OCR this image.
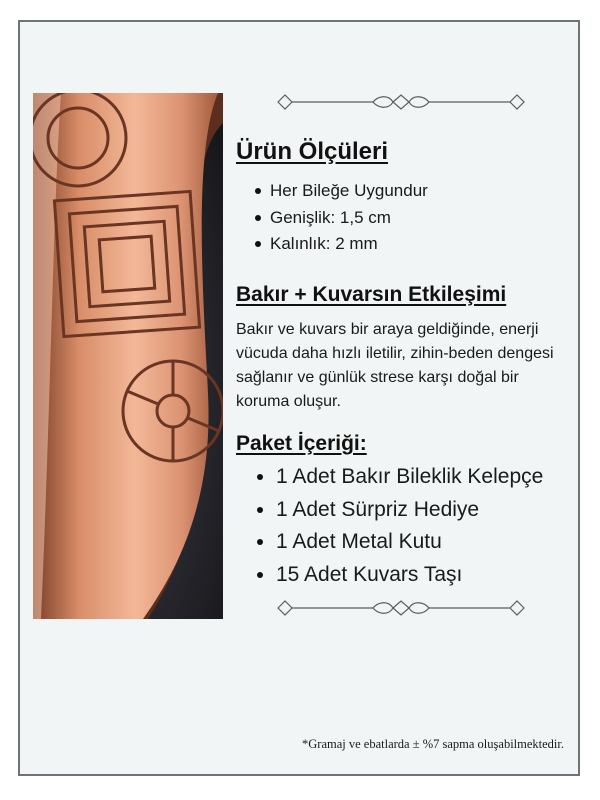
Ürün Ölçüleri
Her Bileğe Uygundur
Genişlik: 1,5 cm
Kalınlık: 2 mm
Bakır + Kuvarsın Etkileşimi

Bakır ve kuvars bir araya geldiğinde, enerji vücuda daha hızlı iletilir, zihin-beden dengesi sağlanır ve günlük strese karşı doğal bir koruma oluşur.

Paket İçeriği:
1 Adet Bakır Bileklik Kelepçe
1 Adet Sürpriz Hediye
1 Adet Metal Kutu
15 Adet Kuvars Taşı
*Gramaj ve ebatlarda ± %7 sapma oluşabilmektedir.
